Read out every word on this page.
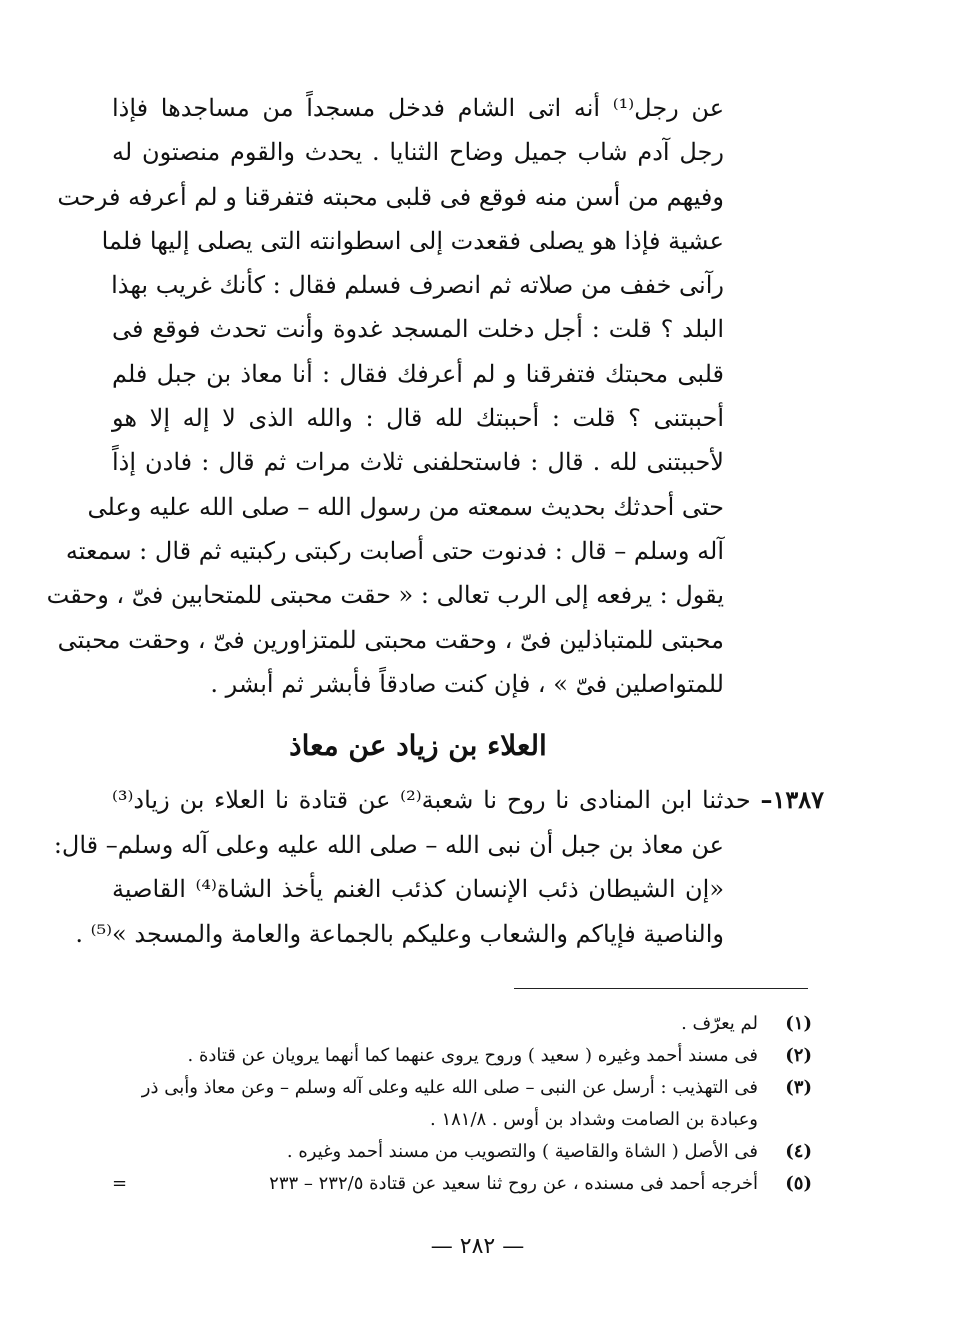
عن رجل⁽¹⁾ أنه اتى الشام فدخل مسجداً من مساجدها فإذا
رجل آدم شاب جميل وضاح الثنايا . يحدث والقوم منصتون له
وفيهم من أسن منه فوقع فى قلبى محبته فتفرقنا و لم أعرفه فرحت
عشية فإذا هو يصلى فقعدت إلى اسطوانته التى يصلى إليها فلما
رآنى خفف من صلاته ثم انصرف فسلم فقال : كأنك غريب بهذا
البلد ؟ قلت : أجل دخلت المسجد غدوة وأنت تحدث فوقع فى
قلبى محبتك فتفرقنا و لم أعرفك فقال : أنا معاذ بن جبل فلم
أحببتنى ؟ قلت : أحببتك لله قال : والله الذى لا إله إلا هو
لأحببتنى لله . قال : فاستحلفنى ثلاث مرات ثم قال : فادن إذاً
حتى أحدثك بحديث سمعته من رسول الله – صلى الله عليه وعلى
آله وسلم – قال : فدنوت حتى أصابت ركبتى ركبتيه ثم قال : سمعته
يقول : يرفعه إلى الرب تعالى : « حقت محبتى للمتحابين فىّ ، وحقت
محبتى للمتباذلين فىّ ، وحقت محبتى للمتزاورين فىّ ، وحقت محبتى
للمتواصلين فىّ » ، فإن كنت صادقاً فأبشر ثم أبشر .
العلاء بن زياد عن معاذ
١٣٨٧– حدثنا ابن المنادى نا روح نا شعبة⁽²⁾ عن قتادة نا العلاء بن زياد⁽³⁾
عن معاذ بن جبل أن نبى الله – صلى الله عليه وعلى آله وسلم– قال:
«إن الشيطان ذئب الإنسان كذئب الغنم يأخذ الشاة⁽⁴⁾ القاصية
والناصية فإياكم والشعاب وعليكم بالجماعة والعامة والمسجد »⁽⁵⁾ .
(١)
لم يعرّف .
(٢)
فى مسند أحمد وغيره ( سعيد ) وروح يروى عنهما كما أنهما يرويان عن قتادة .
(٣)
فى التهذيب : أرسل عن النبى – صلى الله عليه وعلى آله وسلم – وعن معاذ وأبى ذر
وعبادة بن الصامت وشداد بن أوس . ١٨١/٨ .
(٤)
فى الأصل ( الشاة والقاصية ) والتصويب من مسند أحمد وغيره .
(٥)
أخرجه أحمد فى مسنده ، عن روح ثنا سعيد عن قتادة ٢٣٢/٥ – ٢٣٣
=
— ٢٨٢ —
